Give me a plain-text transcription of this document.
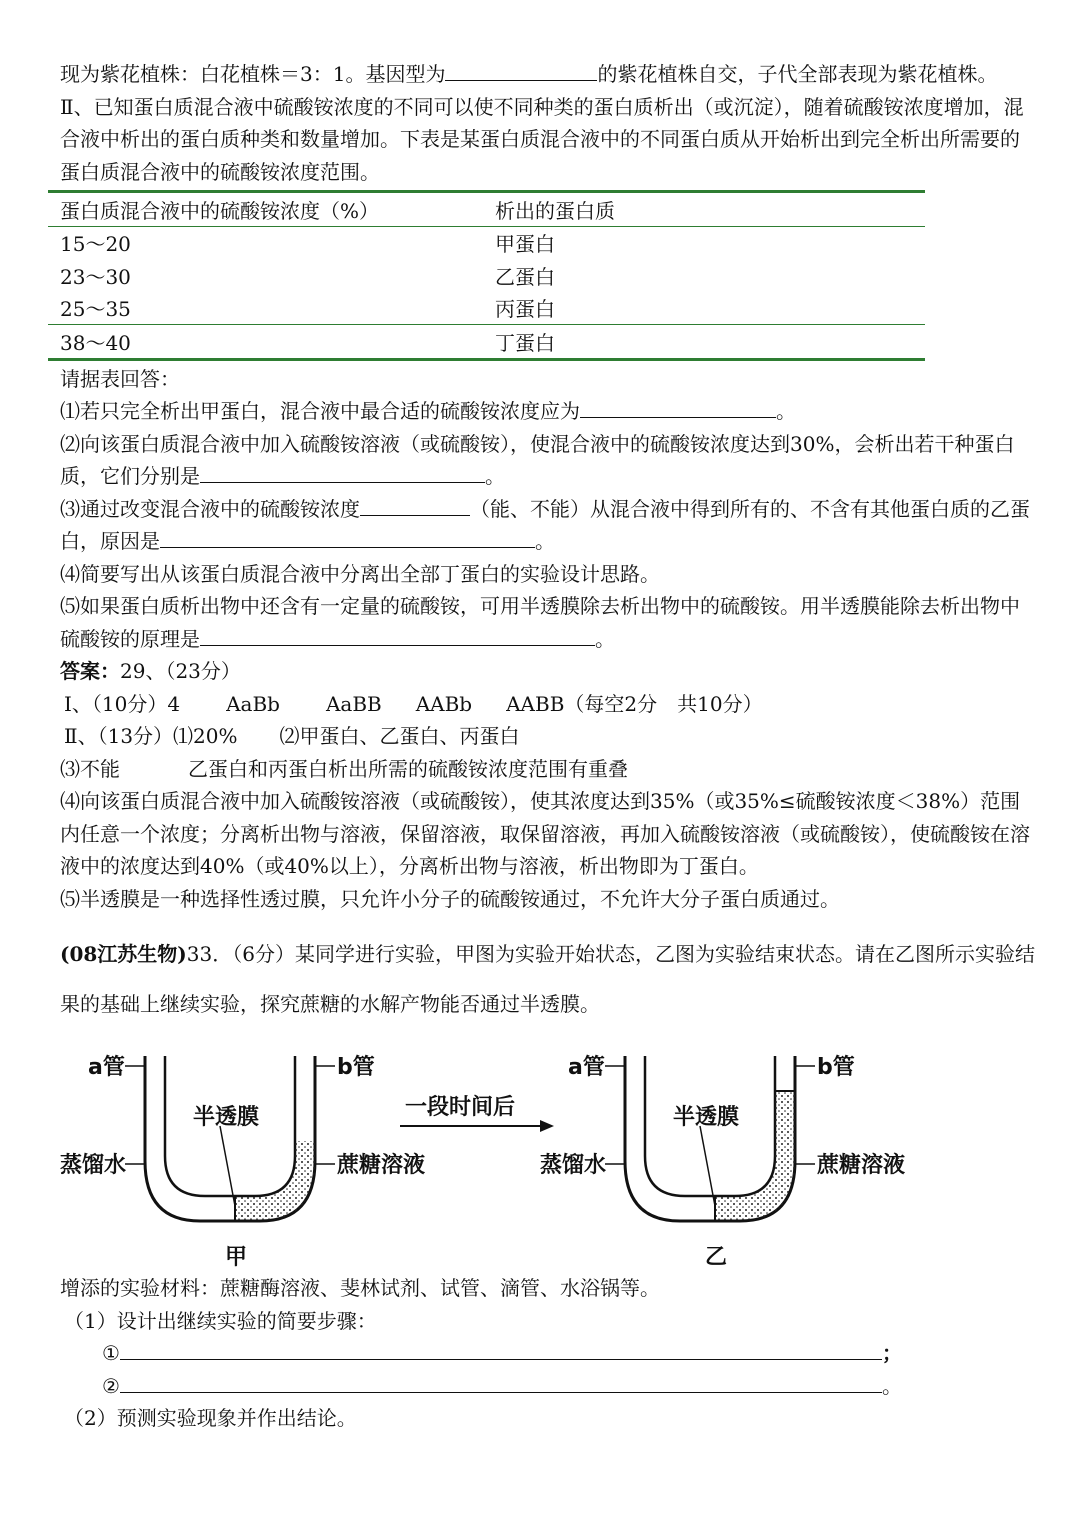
现为紫花植株：白花植株＝3：1。基因型为	的紫花植株自交，子代全部表现为紫花植株。

Ⅱ、已知蛋白质混合液中硫酸铵浓度的不同可以使不同种类的蛋白质析出（或沉淀），随着硫酸铵浓度增加，混合液中析出的蛋白质种类和数量增加。下表是某蛋白质混合液中的不同蛋白质从开始析出到完全析出所需要的蛋白质混合液中的硫酸铵浓度范围。

蛋白质混合液中的硫酸铵浓度（%）	析出的蛋白质
15～20	甲蛋白
23～30	乙蛋白
25～35	丙蛋白
38～40	丁蛋白

请据表回答：

⑴若只完全析出甲蛋白，混合液中最合适的硫酸铵浓度应为	。

⑵向该蛋白质混合液中加入硫酸铵溶液（或硫酸铵），使混合液中的硫酸铵浓度达到30%，会析出若干种蛋白质，它们分别是	。

⑶通过改变混合液中的硫酸铵浓度	（能、不能）从混合液中得到所有的、不含有其他蛋白质的乙蛋白，原因是	。

⑷简要写出从该蛋白质混合液中分离出全部丁蛋白的实验设计思路。

⑸如果蛋白质析出物中还含有一定量的硫酸铵，可用半透膜除去析出物中的硫酸铵。用半透膜能除去析出物中硫酸铵的原理是	。

答案：29、（23分）

Ⅰ、（10分）4 AaBb AaBB AABb AABB（每空2分　共10分）

Ⅱ、（13分）⑴20% ⑵甲蛋白、乙蛋白、丙蛋白

⑶不能	乙蛋白和丙蛋白析出所需的硫酸铵浓度范围有重叠

⑷向该蛋白质混合液中加入硫酸铵溶液（或硫酸铵），使其浓度达到35%（或35%≤硫酸铵浓度＜38%）范围内任意一个浓度；分离析出物与溶液，保留溶液，取保留溶液，再加入硫酸铵溶液（或硫酸铵），使硫酸铵在溶液中的浓度达到40%（或40%以上），分离析出物与溶液，析出物即为丁蛋白。

⑸半透膜是一种选择性透过膜，只允许小分子的硫酸铵通过，不允许大分子蛋白质通过。

(08江苏生物)33．（6分）某同学进行实验，甲图为实验开始状态，乙图为实验结束状态。请在乙图所示实验结果的基础上继续实验，探究蔗糖的水解产物能否通过半透膜。

a管	b管
半透膜
蒸馏水	蔗糖溶液
甲
一段时间后
a管	b管
半透膜
蒸馏水	蔗糖溶液
乙

增添的实验材料：蔗糖酶溶液、斐林试剂、试管、滴管、水浴锅等。

（1）设计出继续实验的简要步骤：

①	；

②	。

（2）预测实验现象并作出结论。
